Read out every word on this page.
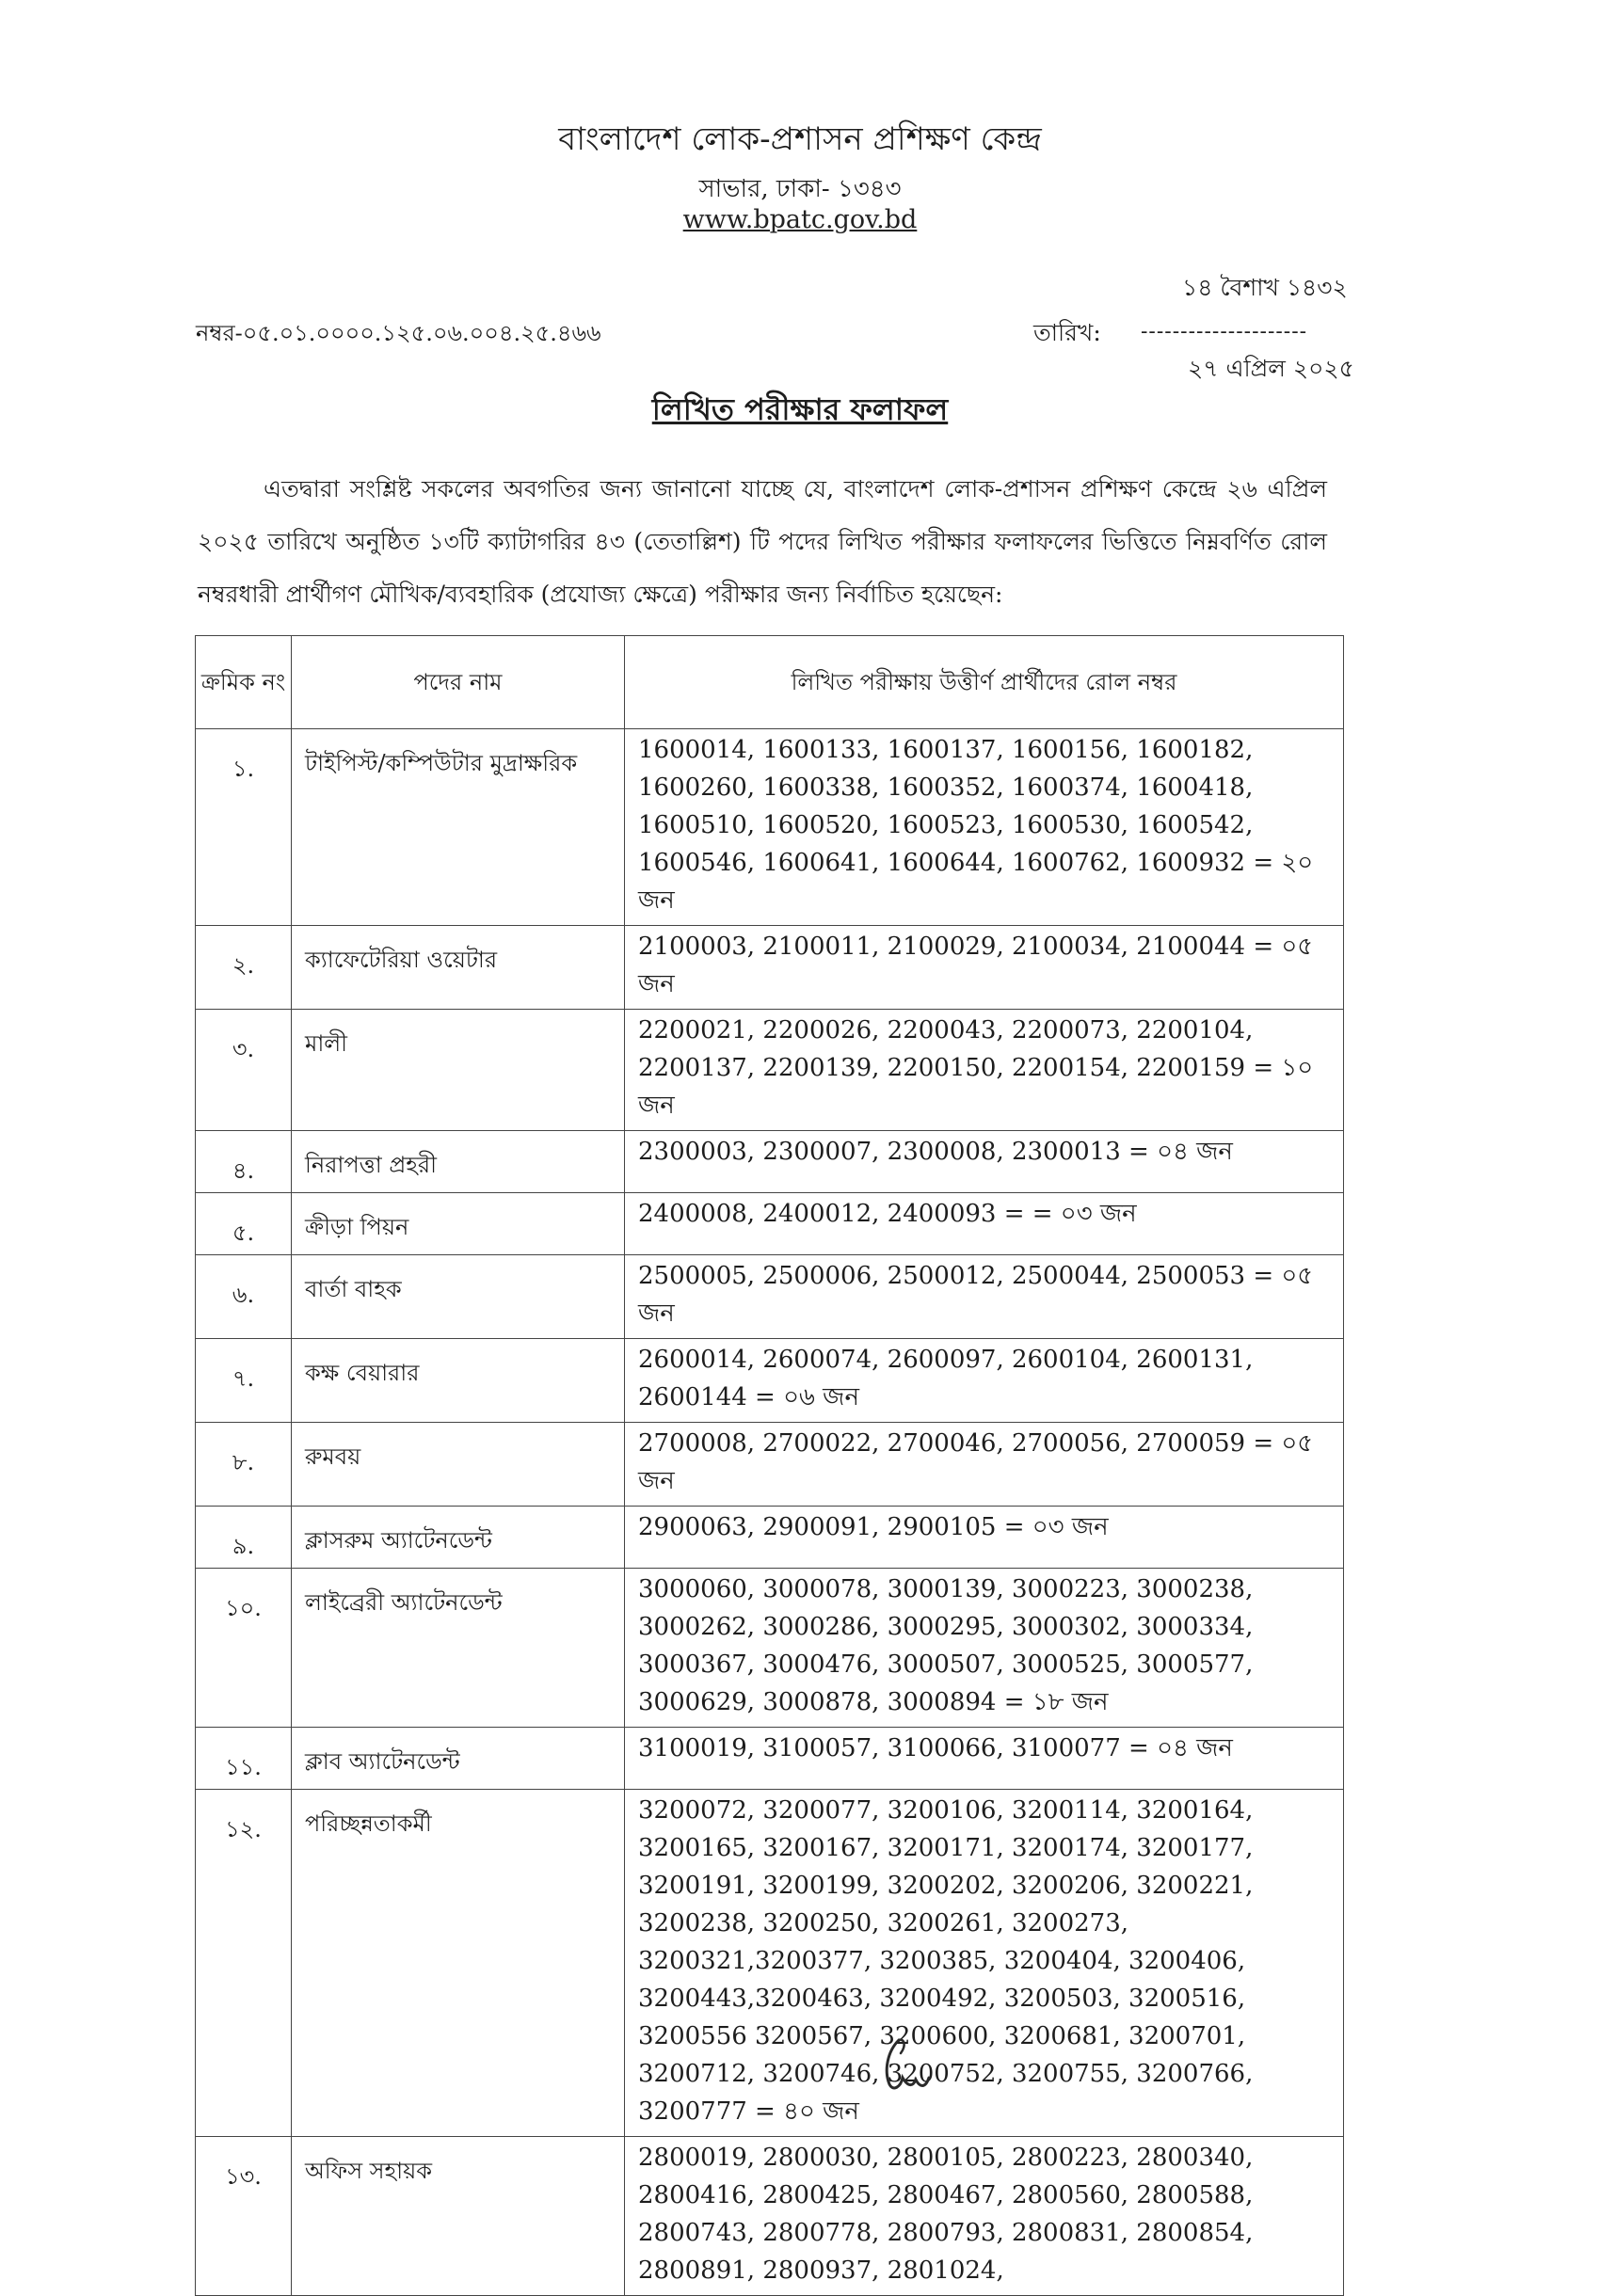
বাংলাদেশ লোক-প্রশাসন প্রশিক্ষণ কেন্দ্র
সাভার, ঢাকা- ১৩৪৩
www.bpatc.gov.bd
১৪ বৈশাখ ১৪৩২
নম্বর-০৫.০১.০০০০.১২৫.০৬.০০৪.২৫.৪৬৬	তারিখ: ---------------------
২৭ এপ্রিল ২০২৫
লিখিত পরীক্ষার ফলাফল
এতদ্বারা সংশ্লিষ্ট সকলের অবগতির জন্য জানানো যাচ্ছে যে, বাংলাদেশ লোক-প্রশাসন প্রশিক্ষণ কেন্দ্রে ২৬ এপ্রিল ২০২৫ তারিখে অনুষ্ঠিত ১৩টি ক্যাটাগরির ৪৩ (তেতাল্লিশ) টি পদের লিখিত পরীক্ষার ফলাফলের ভিত্তিতে নিম্নবর্ণিত রোল নম্বরধারী প্রার্থীগণ মৌখিক/ব্যবহারিক (প্রযোজ্য ক্ষেত্রে) পরীক্ষার জন্য নির্বাচিত হয়েছেন:
ক্রমিক নং	পদের নাম	লিখিত পরীক্ষায় উত্তীর্ণ প্রার্থীদের রোল নম্বর
১.	টাইপিস্ট/কম্পিউটার মুদ্রাক্ষরিক	1600014, 1600133, 1600137, 1600156, 1600182, 1600260, 1600338, 1600352, 1600374, 1600418, 1600510, 1600520, 1600523, 1600530, 1600542, 1600546, 1600641, 1600644, 1600762, 1600932 = ২০ জন
২.	ক্যাফেটেরিয়া ওয়েটার	2100003, 2100011, 2100029, 2100034, 2100044 = ০৫ জন
৩.	মালী	2200021, 2200026, 2200043, 2200073, 2200104, 2200137, 2200139, 2200150, 2200154, 2200159 = ১০ জন
৪.	নিরাপত্তা প্রহরী	2300003, 2300007, 2300008, 2300013 = ০৪ জন
৫.	ক্রীড়া পিয়ন	2400008, 2400012, 2400093 = = ০৩ জন
৬.	বার্তা বাহক	2500005, 2500006, 2500012, 2500044, 2500053 = ০৫ জন
৭.	কক্ষ বেয়ারার	2600014, 2600074, 2600097, 2600104, 2600131, 2600144 = ০৬ জন
৮.	রুমবয়	2700008, 2700022, 2700046, 2700056, 2700059 = ০৫ জন
৯.	ক্লাসরুম অ্যাটেনডেন্ট	2900063, 2900091, 2900105 = ০৩ জন
১০.	লাইব্রেরী অ্যাটেনডেন্ট	3000060, 3000078, 3000139, 3000223, 3000238, 3000262, 3000286, 3000295, 3000302, 3000334, 3000367, 3000476, 3000507, 3000525, 3000577, 3000629, 3000878, 3000894 = ১৮ জন
১১.	ক্লাব অ্যাটেনডেন্ট	3100019, 3100057, 3100066, 3100077 = ০৪ জন
১২.	পরিচ্ছন্নতাকর্মী	3200072, 3200077, 3200106, 3200114, 3200164, 3200165, 3200167, 3200171, 3200174, 3200177, 3200191, 3200199, 3200202, 3200206, 3200221, 3200238, 3200250, 3200261, 3200273, 3200321,3200377, 3200385, 3200404, 3200406, 3200443,3200463, 3200492, 3200503, 3200516, 3200556 3200567, 3200600, 3200681, 3200701, 3200712, 3200746, 3200752, 3200755, 3200766, 3200777 = ৪০ জন
১৩.	অফিস সহায়ক	2800019, 2800030, 2800105, 2800223, 2800340, 2800416, 2800425, 2800467, 2800560, 2800588, 2800743, 2800778, 2800793, 2800831, 2800854, 2800891, 2800937, 2801024,
